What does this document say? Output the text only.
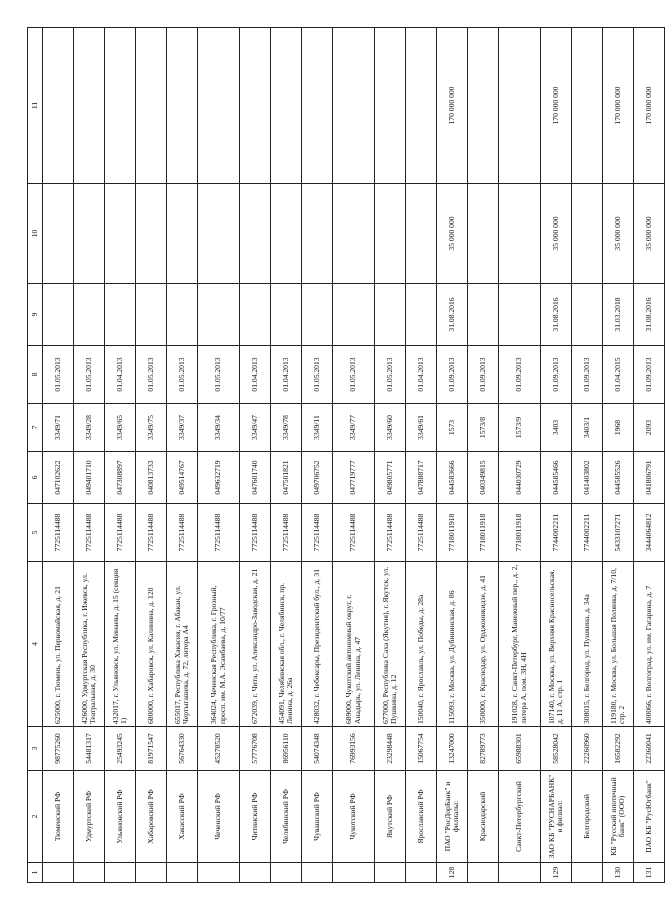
1	2	3	4	5	6	7	8	9	10	11
	Тюменский РФ	98775260	625000, г. Тюмень, ул. Первомайская, д. 21	7725114488	047102622	3349/71	01.05.2013			
	Удмуртский РФ	54481317	426000, Удмуртская Республика, г. Ижевск, ул. Театральная, д. 30	7725114488	049401710	3349/28	01.05.2013			
	Ульяновский РФ	25493245	432017, г. Ульяновск, ул. Минаева, д. 15 (секция 1)	7725114488	047308897	3349/65	01.04.2013			
	Хабаровский РФ	81971547	680000, г. Хабаровск, ул. Калинина, д. 120	7725114488	040813733	3349/75	01.05.2013			
	Хакасский РФ	56764330	655017, Республика Хакасия, г. Абакан, ул. Чертыгашева, д. 72, литера А4	7725114488	049514767	3349/37	01.05.2013			
	Чеченский РФ	45278520	364024, Чеченская Республика, г. Грозный, просп. им. М.А. Эсамбаева, д. 10/77	7725114488	049632719	3349/34	01.05.2013			
	Читинский РФ	57776708	672039, г. Чита, ул. Александро-Заводская, д. 21	7725114488	047601740	3349/47	01.04.2013			
	Челябинский РФ	86956110	454091, Челябинская обл., г. Челябинск, пр. Ленина, д. 26а	7725114488	047501821	3349/78	01.04.2013			
	Чувашский РФ	54074348	428032, г. Чебоксары, Президентский бул., д. 31	7725114488	049706752	3349/11	01.05.2013			
	Чукотский РФ	76993156	689000, Чукотский автономный округ, г. Анадырь, ул. Ленина, д. 47	7725114488	047719777	3349/77	01.05.2013			
	Якутский РФ	23298448	677000, Республика Саха (Якутия), г. Якутск, ул. Пушкина, д. 12	7725114488	049805771	3349/60	01.05.2013			
	Ярославский РФ	15067754	150040, г. Ярославль, ул. Победы, д. 28а	7725114488	047888717	3349/61	01.04.2013			
128	ПАО "РосДорБанк" и филиалы:	13247000	115093, г. Москва, ул. Дубининская, д. 86	7718011918	044583666	1573	01.09.2013	31.08.2016	35 000 000	170 000 000
	Краснодарский	82789773	350000, г. Краснодар, ул. Орджоникидзе, д. 41	7718011918	040349815	1573/8	01.09.2013			
	Санкт-Петербургский	65988301	191028, г. Санкт-Петербург, Манежный пер., д. 2, литера А, пом. 3Н, 4Н	7718011918	044030729	1573/9	01.09.2013			
129	ЗАО КБ "РУСНАРБАНК" и филиал:	58528042	107140, г. Москва, ул. Верхняя Красносельская, д. 11 А, стр. 1	7744002211	044585466	3403	01.09.2013	31.08.2016	35 000 000	170 000 000
	Белгородский	22260960	308015, г. Белгород, ул. Пушкина, д. 34а	7744002211	041403802	3403/1	01.09.2013			
130	КБ "Русский ипотечный банк" (ООО)	16582292	119180, г. Москва, ул. Большая Полянка, д. 7/10, стр. 2	5433107271	044585526	1968	01.04.2015	31.03.2018	35 000 000	170 000 000
131	ПАО КБ "РусЮгбанк"	22360041	400066, г. Волгоград, ул. им. Гагарина, д. 7	3444064812	041806791	2093	01.09.2013	31.08.2016	35 000 000	170 000 000
